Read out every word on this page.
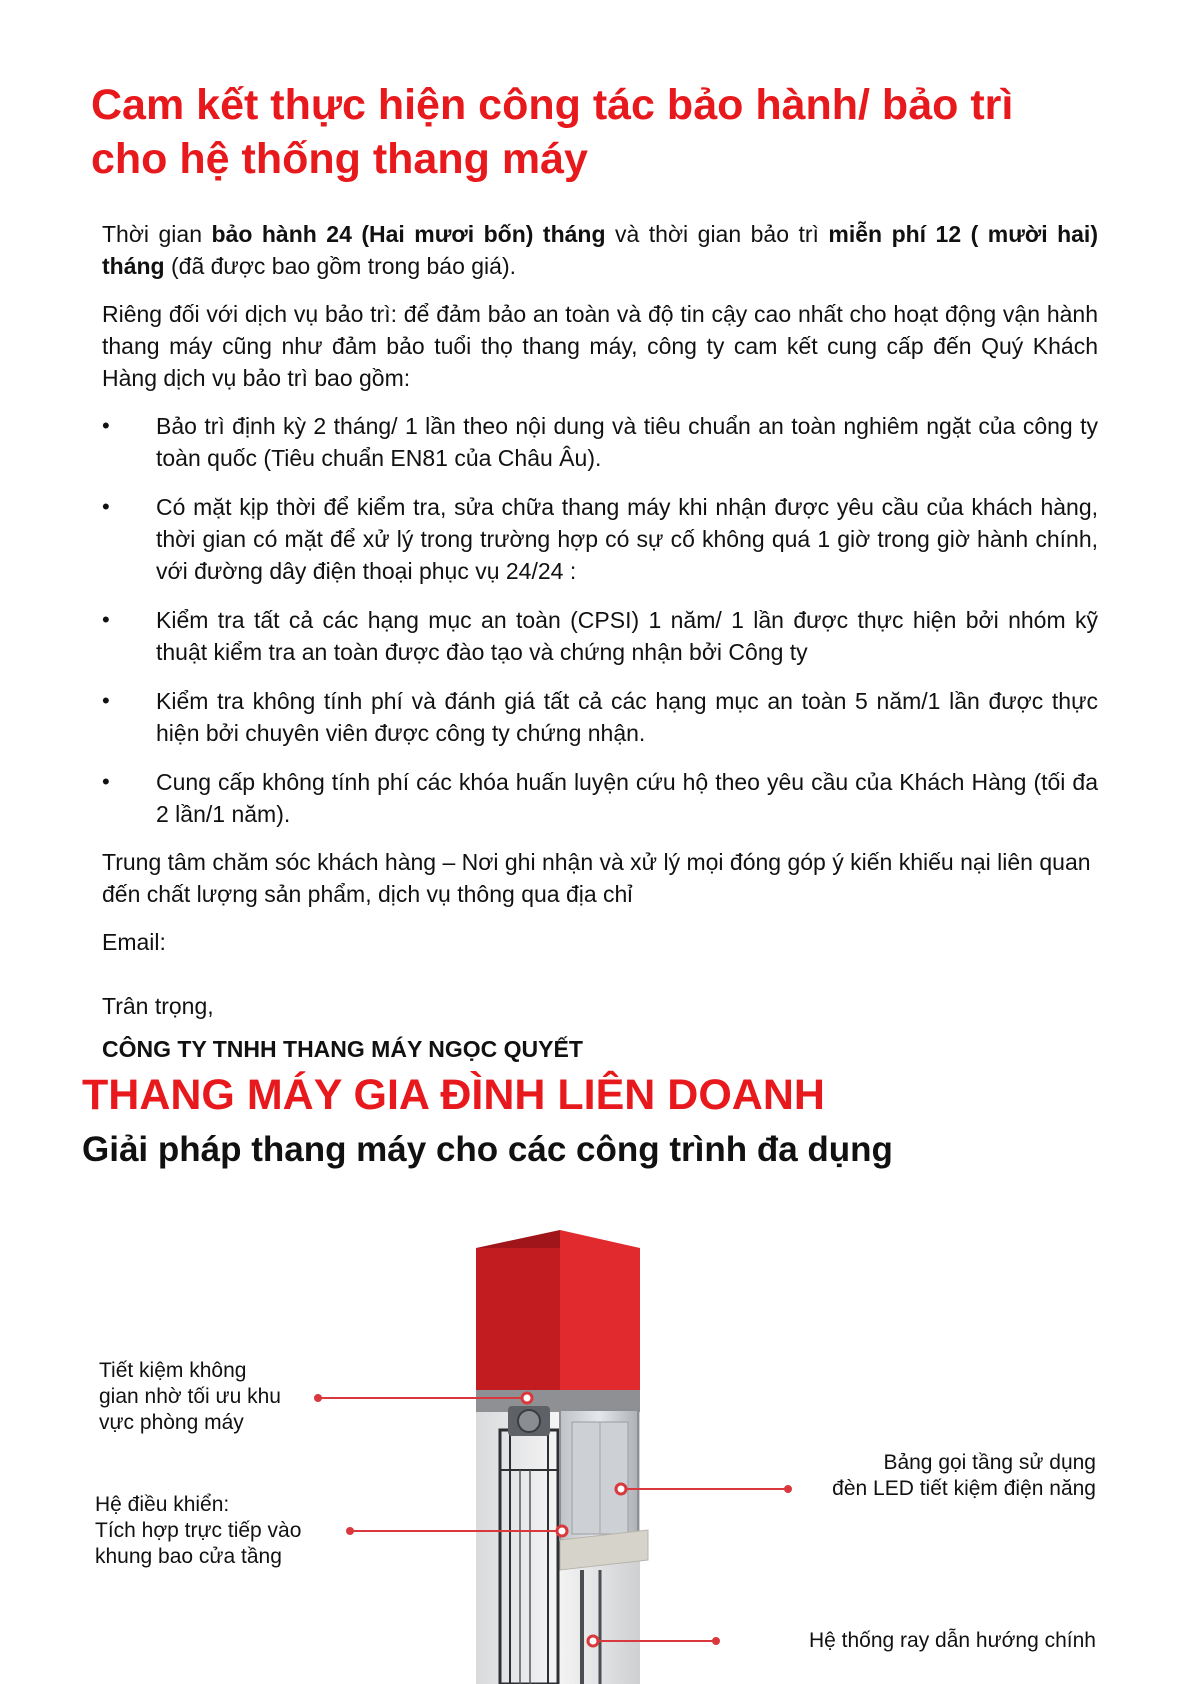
Cam kết thực hiện công tác bảo hành/ bảo trì
cho hệ thống thang máy

Thời gian bảo hành 24 (Hai mươi bốn) tháng và thời gian bảo trì miễn phí 12 ( mười hai) tháng (đã được bao gồm trong báo giá).

Riêng đối với dịch vụ bảo trì: để đảm bảo an toàn và độ tin cậy cao nhất cho hoạt động vận hành thang máy cũng như đảm bảo tuổi thọ thang máy, công ty cam kết cung cấp đến Quý Khách Hàng dịch vụ bảo trì bao gồm:

•	Bảo trì định kỳ 2 tháng/ 1 lần theo nội dung và tiêu chuẩn an toàn nghiêm ngặt của công ty toàn quốc (Tiêu chuẩn EN81 của Châu Âu).

•	Có mặt kịp thời để kiểm tra, sửa chữa thang máy khi nhận được yêu cầu của khách hàng, thời gian có mặt để xử lý trong trường hợp có sự cố không quá 1 giờ trong giờ hành chính, với đường dây điện thoại phục vụ 24/24 :

•	Kiểm tra tất cả các hạng mục an toàn (CPSI) 1 năm/ 1 lần được thực hiện bởi nhóm kỹ thuật kiểm tra an toàn được đào tạo và chứng nhận bởi Công ty

•	Kiểm tra không tính phí và đánh giá tất cả các hạng mục an toàn 5 năm/1 lần được thực hiện bởi chuyên viên được công ty chứng nhận.

•	Cung cấp không tính phí các khóa huấn luyện cứu hộ theo yêu cầu của Khách Hàng (tối đa 2 lần/1 năm).

Trung tâm chăm sóc khách hàng – Nơi ghi nhận và xử lý mọi đóng góp ý kiến khiếu nại liên quan đến chất lượng sản phẩm, dịch vụ thông qua địa chỉ

Email:

Trân trọng,

CÔNG TY TNHH THANG MÁY NGỌC QUYẾT

THANG MÁY GIA ĐÌNH LIÊN DOANH
Giải pháp thang máy cho các công trình đa dụng

Tiết kiệm không
gian nhờ tối ưu khu
vực phòng máy

Hệ điều khiển:
Tích hợp trực tiếp vào
khung bao cửa tầng

Bảng gọi tầng sử dụng
đèn LED tiết kiệm điện năng

Hệ thống ray dẫn hướng chính
